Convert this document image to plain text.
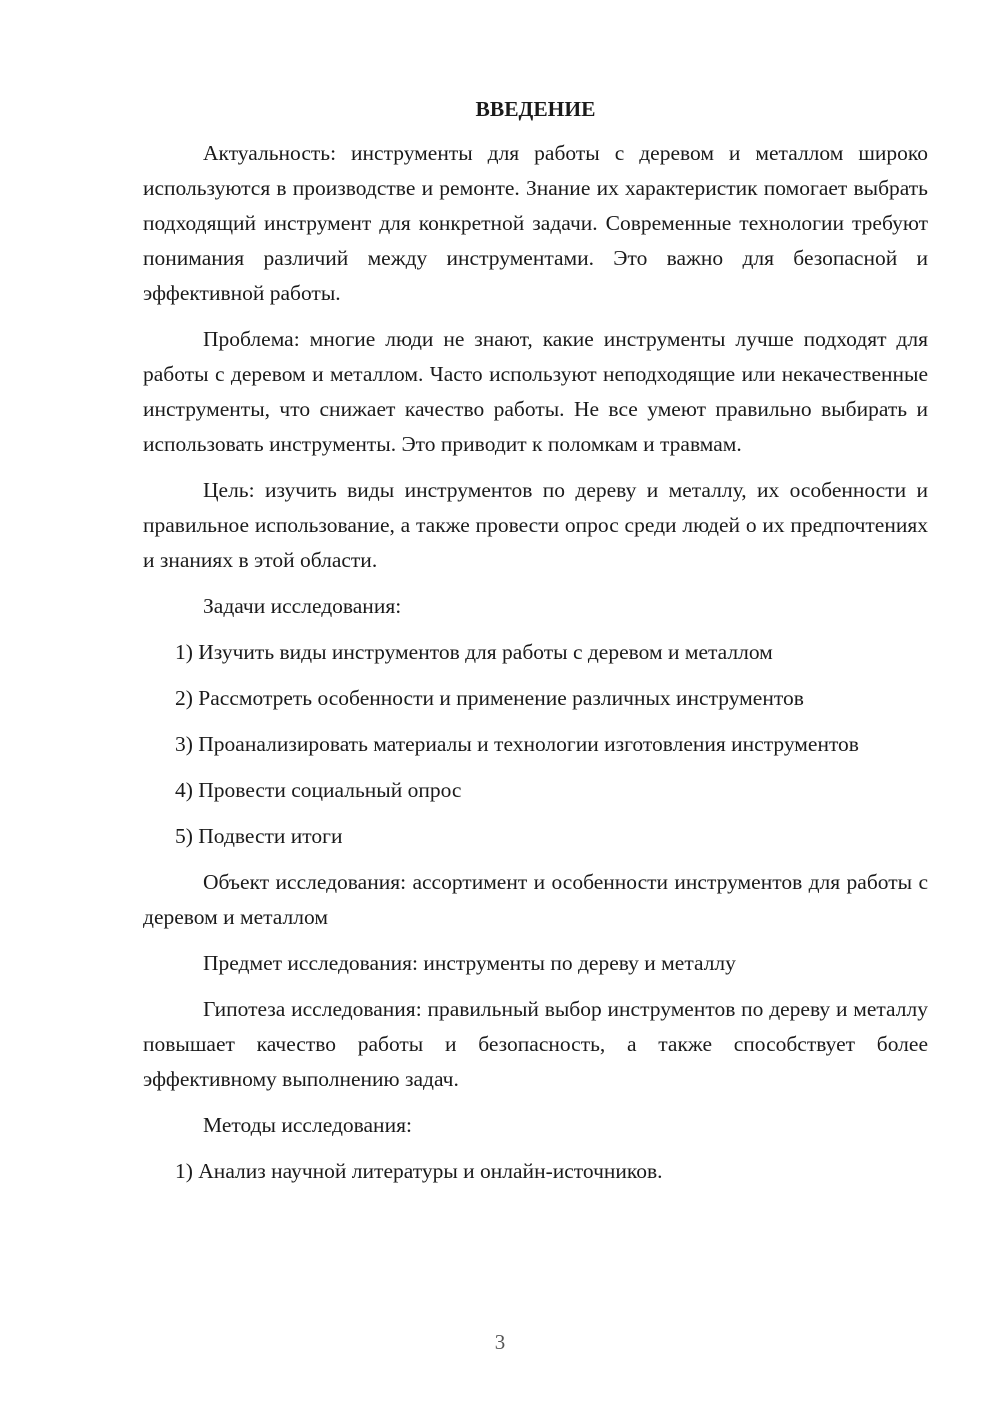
ВВЕДЕНИЕ

Актуальность: инструменты для работы с деревом и металлом широко используются в производстве и ремонте. Знание их характеристик помогает выбрать подходящий инструмент для конкретной задачи. Современные технологии требуют понимания различий между инструментами. Это важно для безопасной и эффективной работы.

Проблема: многие люди не знают, какие инструменты лучше подходят для работы с деревом и металлом. Часто используют неподходящие или некачественные инструменты, что снижает качество работы. Не все умеют правильно выбирать и использовать инструменты. Это приводит к поломкам и травмам.

Цель: изучить виды инструментов по дереву и металлу, их особенности и правильное использование, а также провести опрос среди людей о их предпочтениях и знаниях в этой области.

Задачи исследования:

1) Изучить виды инструментов для работы с деревом и металлом

2) Рассмотреть особенности и применение различных инструментов

3) Проанализировать материалы и технологии изготовления инструментов

4) Провести социальный опрос

5) Подвести итоги

Объект исследования: ассортимент и особенности инструментов для работы с деревом и металлом

Предмет исследования: инструменты по дереву и металлу

Гипотеза исследования: правильный выбор инструментов по дереву и металлу повышает качество работы и безопасность, а также способствует более эффективному выполнению задач.

Методы исследования:

1) Анализ научной литературы и онлайн-источников.

3
